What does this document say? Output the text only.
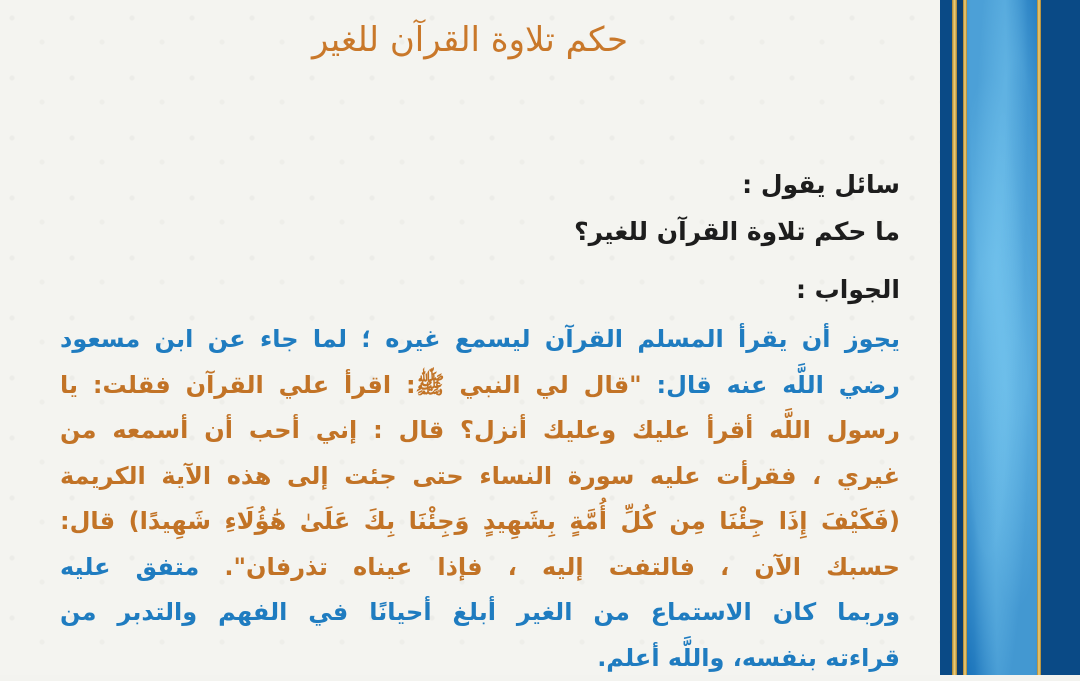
حكم تلاوة القرآن للغير
سائل يقول :
ما حكم تلاوة القرآن للغير؟
الجواب :
يجوز أن يقرأ المسلم القرآن ليسمع غيره ؛ لما جاء عن ابن مسعود
رضي اللَّه عنه قال: "قال لي النبي ﷺ: اقرأ علي القرآن فقلت: يا
رسول اللَّه أقرأ عليك وعليك أنزل؟ قال : إني أحب أن أسمعه من
غيري ، فقرأت عليه سورة النساء حتى جئت إلى هذه الآية الكريمة
(فَكَيْفَ إِذَا جِئْنَا مِن كُلِّ أُمَّةٍ بِشَهِيدٍ وَجِئْنَا بِكَ عَلَىٰ هَٰؤُلَاءِ شَهِيدًا) قال:
حسبك الآن ، فالتفت إليه ، فإذا عيناه تذرفان". متفق عليه
وربما كان الاستماع من الغير أبلغ أحيانًا في الفهم والتدبر من
قراءته بنفسه، واللَّه أعلم.
